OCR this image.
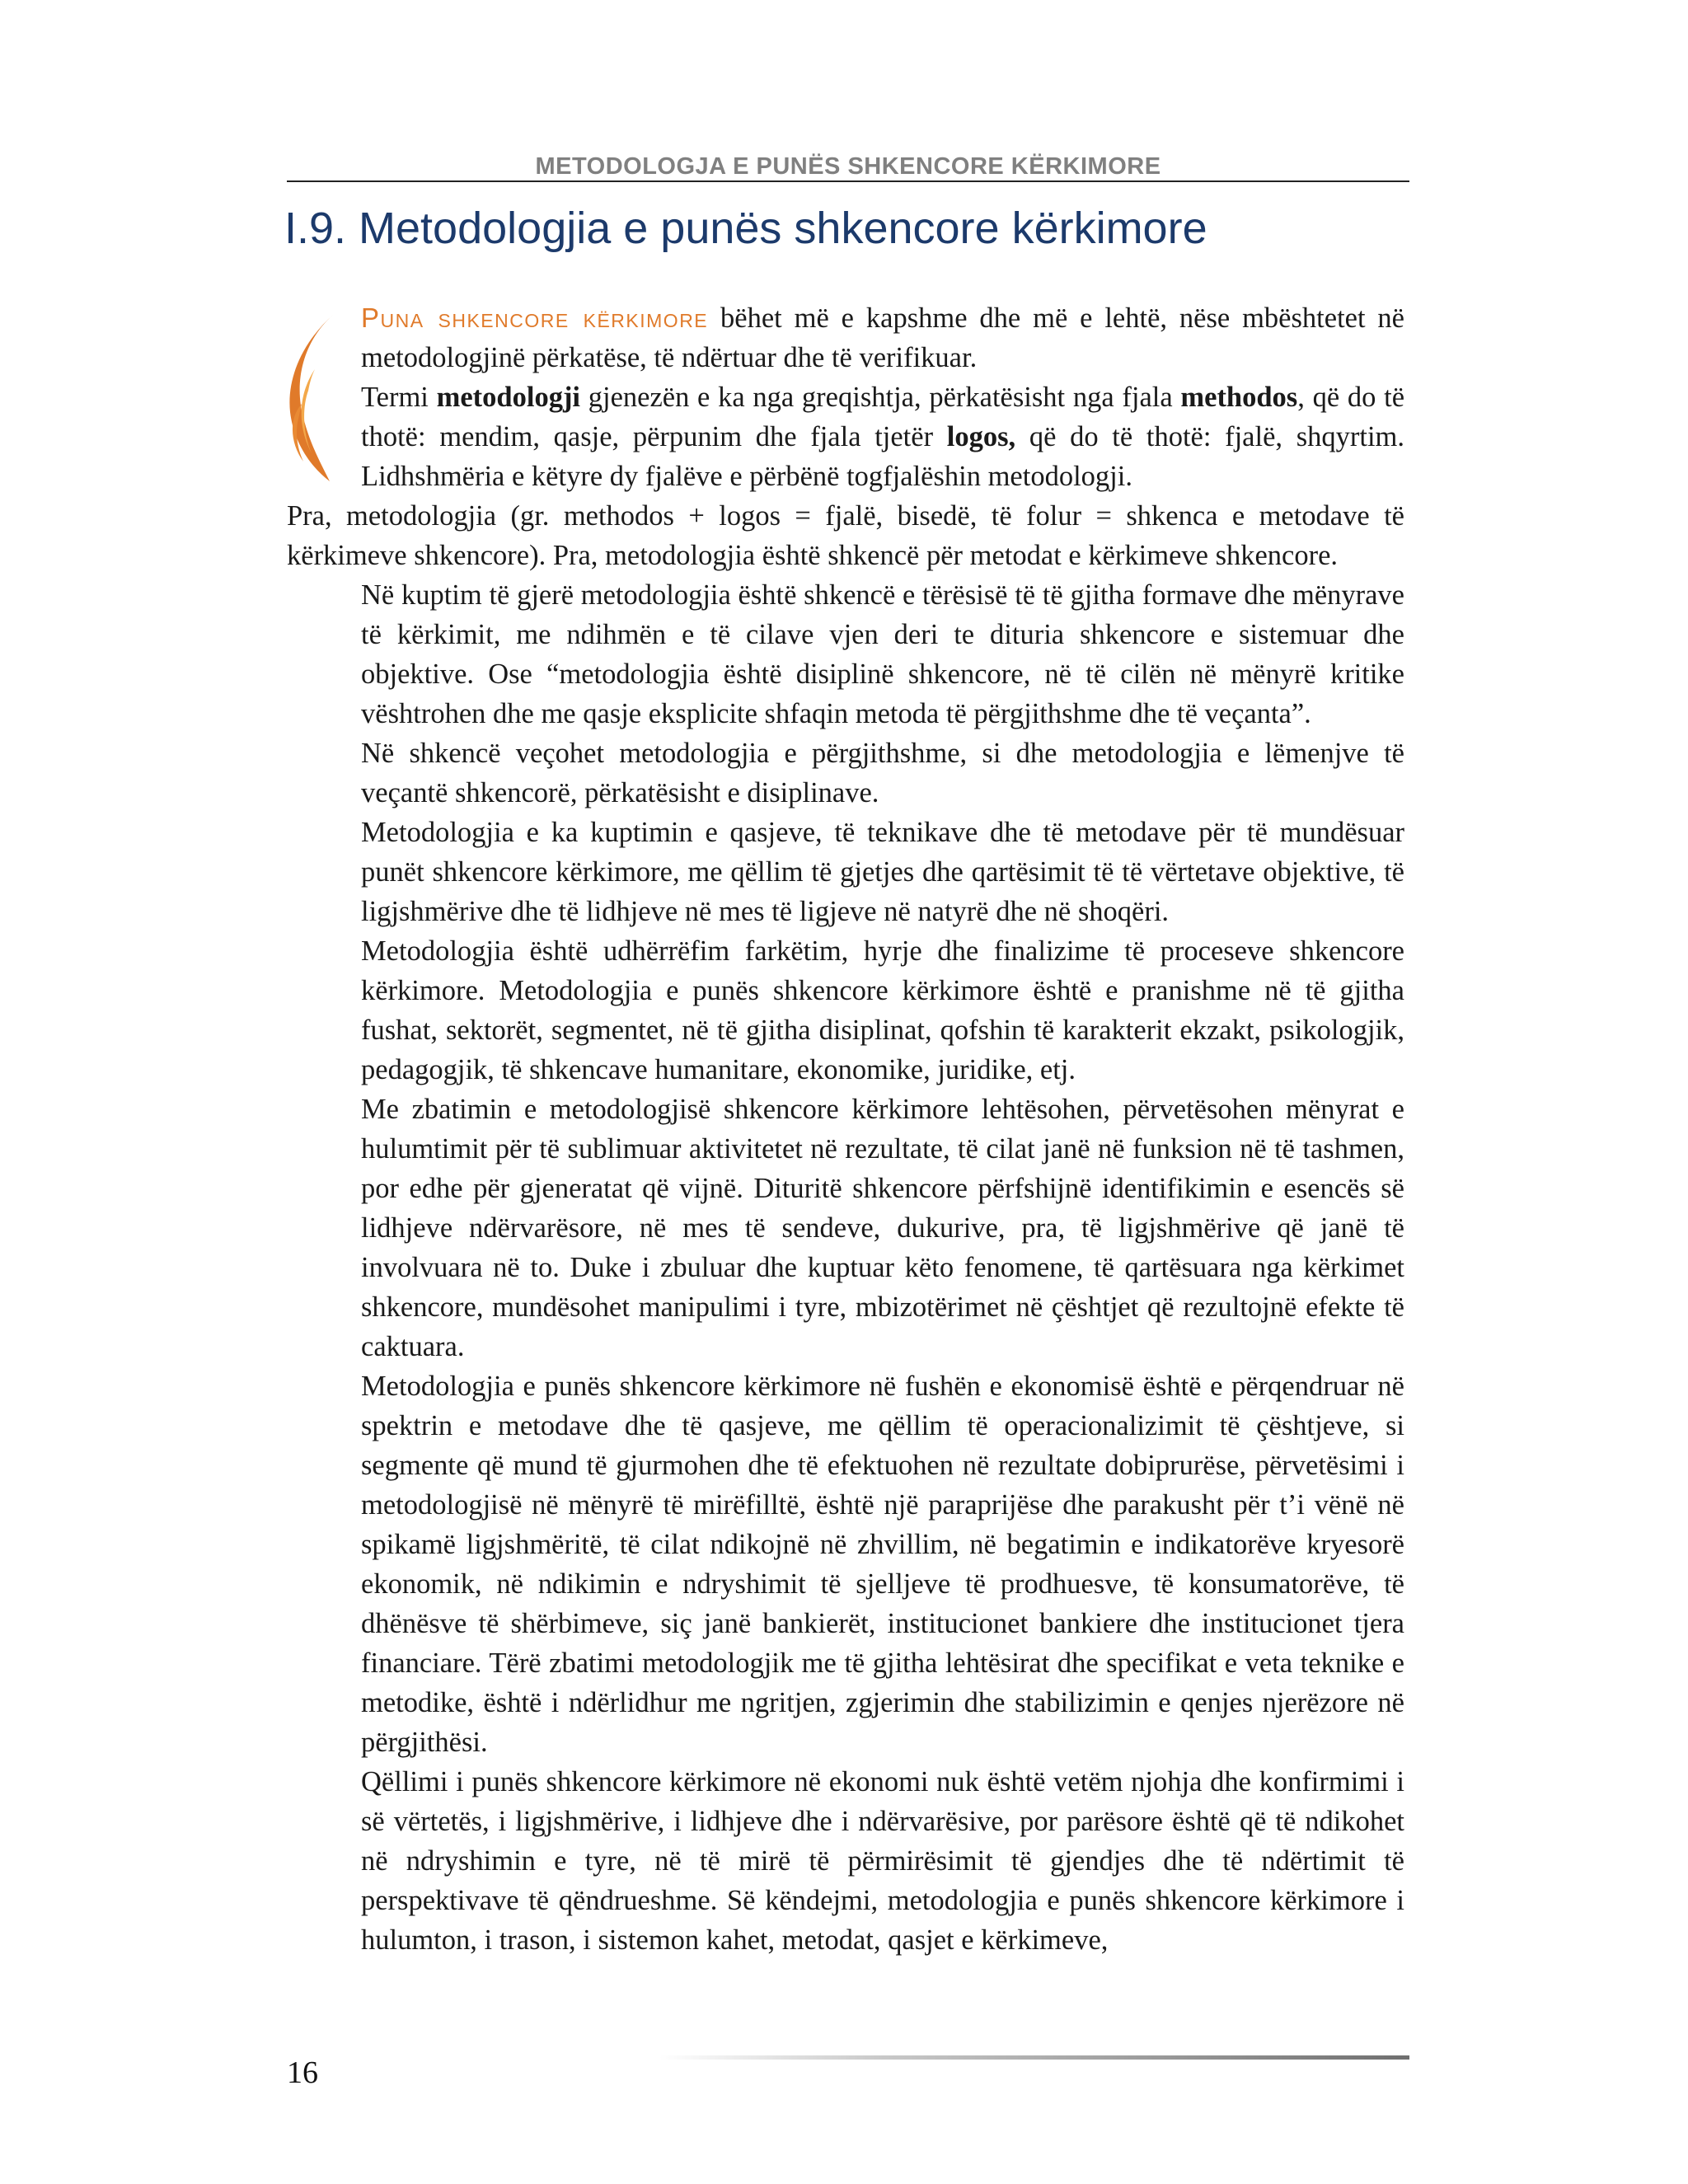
METODOLOGJA E PUNËS SHKENCORE KËRKIMORE
I.9. Metodologjia e punës shkencore kërkimore

Puna shkencore kërkimore bëhet më e kapshme dhe më e lehtë, nëse mbështetet në metodologjinë përkatëse, të ndërtuar dhe të verifikuar.

Termi metodologji gjenezën e ka nga greqishtja, përkatësisht nga fjala methodos, që do të thotë: mendim, qasje, përpunim dhe fjala tjetër logos, që do të thotë: fjalë, shqyrtim. Lidhshmëria e këtyre dy fjalëve e përbënë togfjalëshin metodologji.

Pra, metodologjia (gr. methodos + logos = fjalë, bisedë, të folur = shkenca e metodave të kërkimeve shkencore). Pra, metodologjia është shkencë për metodat e kërkimeve shkencore.

Në kuptim të gjerë metodologjia është shkencë e tërësisë të të gjitha formave dhe mënyrave të kërkimit, me ndihmën e të cilave vjen deri te dituria shkencore e sistemuar dhe objektive. Ose “metodologjia është disiplinë shkencore, në të cilën në mënyrë kritike vështrohen dhe me qasje eksplicite shfaqin metoda të përgjithshme dhe të veçanta”.

Në shkencë veçohet metodologjia e përgjithshme, si dhe metodologjia e lëmenjve të veçantë shkencorë, përkatësisht e disiplinave.

Metodologjia e ka kuptimin e qasjeve, të teknikave dhe të metodave për të mundësuar punët shkencore kërkimore, me qëllim të gjetjes dhe qartësimit të të vërtetave objektive, të ligjshmërive dhe të lidhjeve në mes të ligjeve në natyrë dhe në shoqëri.

Metodologjia është udhërrëfim farkëtim, hyrje dhe finalizime të proceseve shkencore kërkimore. Metodologjia e punës shkencore kërkimore është e pranishme në të gjitha fushat, sektorët, segmentet, në të gjitha disiplinat, qofshin të karakterit ekzakt, psikologjik, pedagogjik, të shkencave humanitare, ekonomike, juridike, etj.

Me zbatimin e metodologjisë shkencore kërkimore lehtësohen, përvetësohen mënyrat e hulumtimit për të sublimuar aktivitetet në rezultate, të cilat janë në funksion në të tashmen, por edhe për gjeneratat që vijnë. Dituritë shkencore përfshijnë identifikimin e esencës së lidhjeve ndërvarësore, në mes të sendeve, dukurive, pra, të ligjshmërive që janë të involvuara në to. Duke i zbuluar dhe kuptuar këto fenomene, të qartësuara nga kërkimet shkencore, mundësohet manipulimi i tyre, mbizotërimet në çështjet që rezultojnë efekte të caktuara.

Metodologjia e punës shkencore kërkimore në fushën e ekonomisë është e përqendruar në spektrin e metodave dhe të qasjeve, me qëllim të operacionalizimit të çështjeve, si segmente që mund të gjurmohen dhe të efektuohen në rezultate dobiprurëse, përvetësimi i metodologjisë në mënyrë të mirëfilltë, është një paraprijëse dhe parakusht për t’i vënë në spikamë ligjshmëritë, të cilat ndikojnë në zhvillim, në begatimin e indikatorëve kryesorë ekonomik, në ndikimin e ndryshimit të sjelljeve të prodhuesve, të konsumatorëve, të dhënësve të shërbimeve, siç janë bankierët, institucionet bankiere dhe institucionet tjera financiare. Tërë zbatimi metodologjik me të gjitha lehtësirat dhe specifikat e veta teknike e metodike, është i ndërlidhur me ngritjen, zgjerimin dhe stabilizimin e qenjes njerëzore në përgjithësi.

Qëllimi i punës shkencore kërkimore në ekonomi nuk është vetëm njohja dhe konfirmimi i së vërtetës, i ligjshmërive, i lidhjeve dhe i ndërvarësive, por parësore është që të ndikohet në ndryshimin e tyre, në të mirë të përmirësimit të gjendjes dhe të ndërtimit të perspektivave të qëndrueshme. Së këndejmi, metodologjia e punës shkencore kërkimore i hulumton, i trason, i sistemon kahet, metodat, qasjet e kërkimeve,

16
